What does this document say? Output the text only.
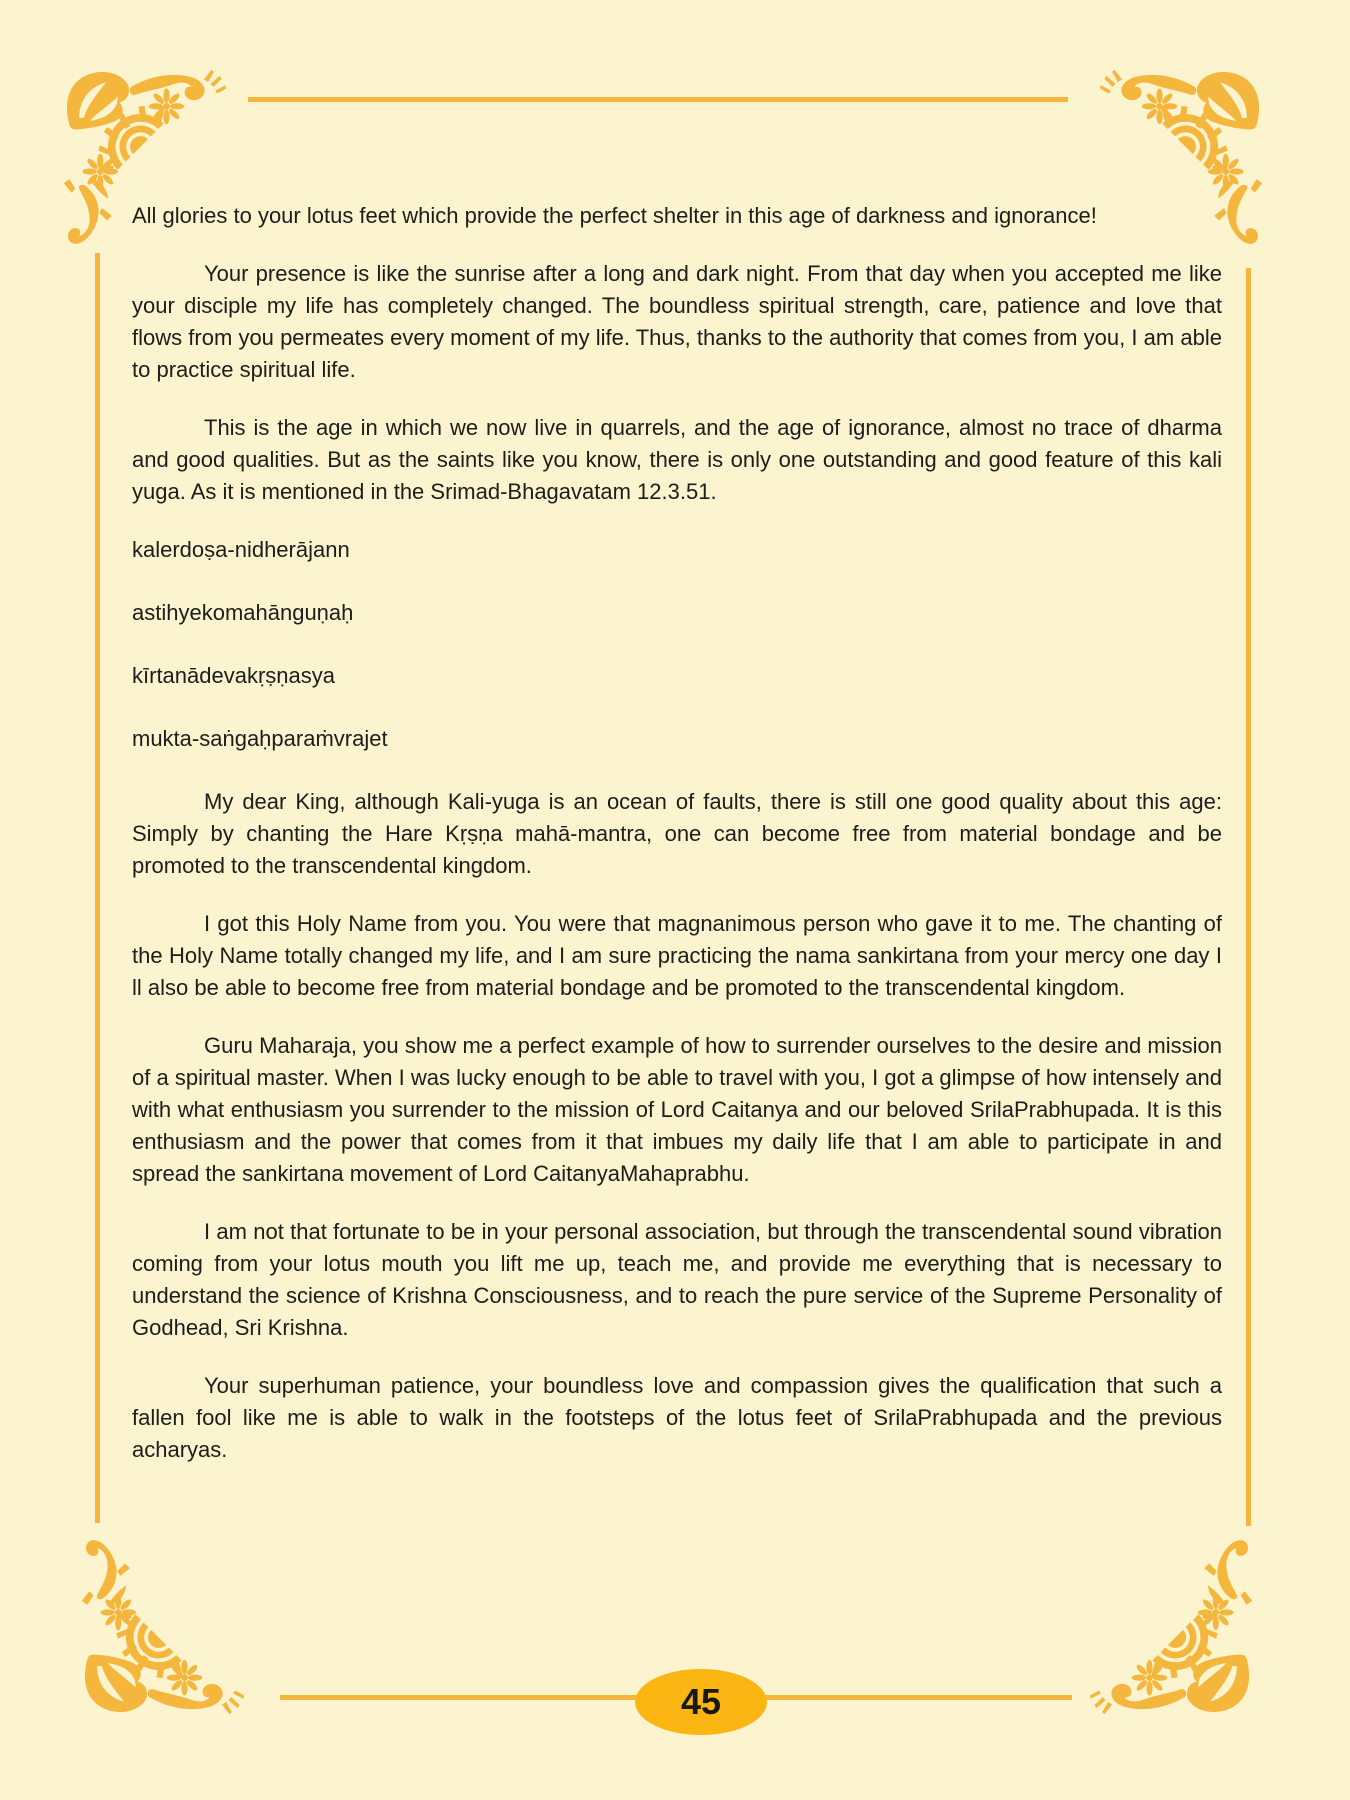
All glories to your lotus feet which provide the perfect shelter in this age of darkness and ignorance!

Your presence is like the sunrise after a long and dark night. From that day when you accepted me like your disciple my life has completely changed. The boundless spiritual strength, care, patience and love that flows from you permeates every moment of my life. Thus, thanks to the authority that comes from you, I am able to practice spiritual life.

This is the age in which we now live in quarrels, and the age of ignorance, almost no trace of dharma and good qualities. But as the saints like you know, there is only one outstanding and good feature of this kali yuga. As it is mentioned in the Srimad-Bhagavatam 12.3.51.

kalerdoṣa-nidherājann

astihyekomahānguṇaḥ

kīrtanādevakṛṣṇasya

mukta-saṅgaḥparaṁvrajet

My dear King, although Kali-yuga is an ocean of faults, there is still one good quality about this age: Simply by chanting the Hare Kṛṣṇa mahā-mantra, one can become free from material bondage and be promoted to the transcendental kingdom.

I got this Holy Name from you. You were that magnanimous person who gave it to me. The chanting of the Holy Name totally changed my life, and I am sure practicing the nama sankirtana from your mercy one day I ll also be able to become free from material bondage and be promoted to the transcendental kingdom.

Guru Maharaja, you show me a perfect example of how to surrender ourselves to the desire and mission of a spiritual master. When I was lucky enough to be able to travel with you, I got a glimpse of how intensely and with what enthusiasm you surrender to the mission of Lord Caitanya and our beloved SrilaPrabhupada. It is this enthusiasm and the power that comes from it that imbues my daily life that I am able to participate in and spread the sankirtana movement of Lord CaitanyaMahaprabhu.

I am not that fortunate to be in your personal association, but through the transcendental sound vibration coming from your lotus mouth you lift me up, teach me, and provide me everything that is necessary to understand the science of Krishna Consciousness, and to reach the pure service of the Supreme Personality of Godhead, Sri Krishna.

Your superhuman patience, your boundless love and compassion gives the qualification that such a fallen fool like me is able to walk in the footsteps of the lotus feet of SrilaPrabhupada and the previous acharyas.

45
